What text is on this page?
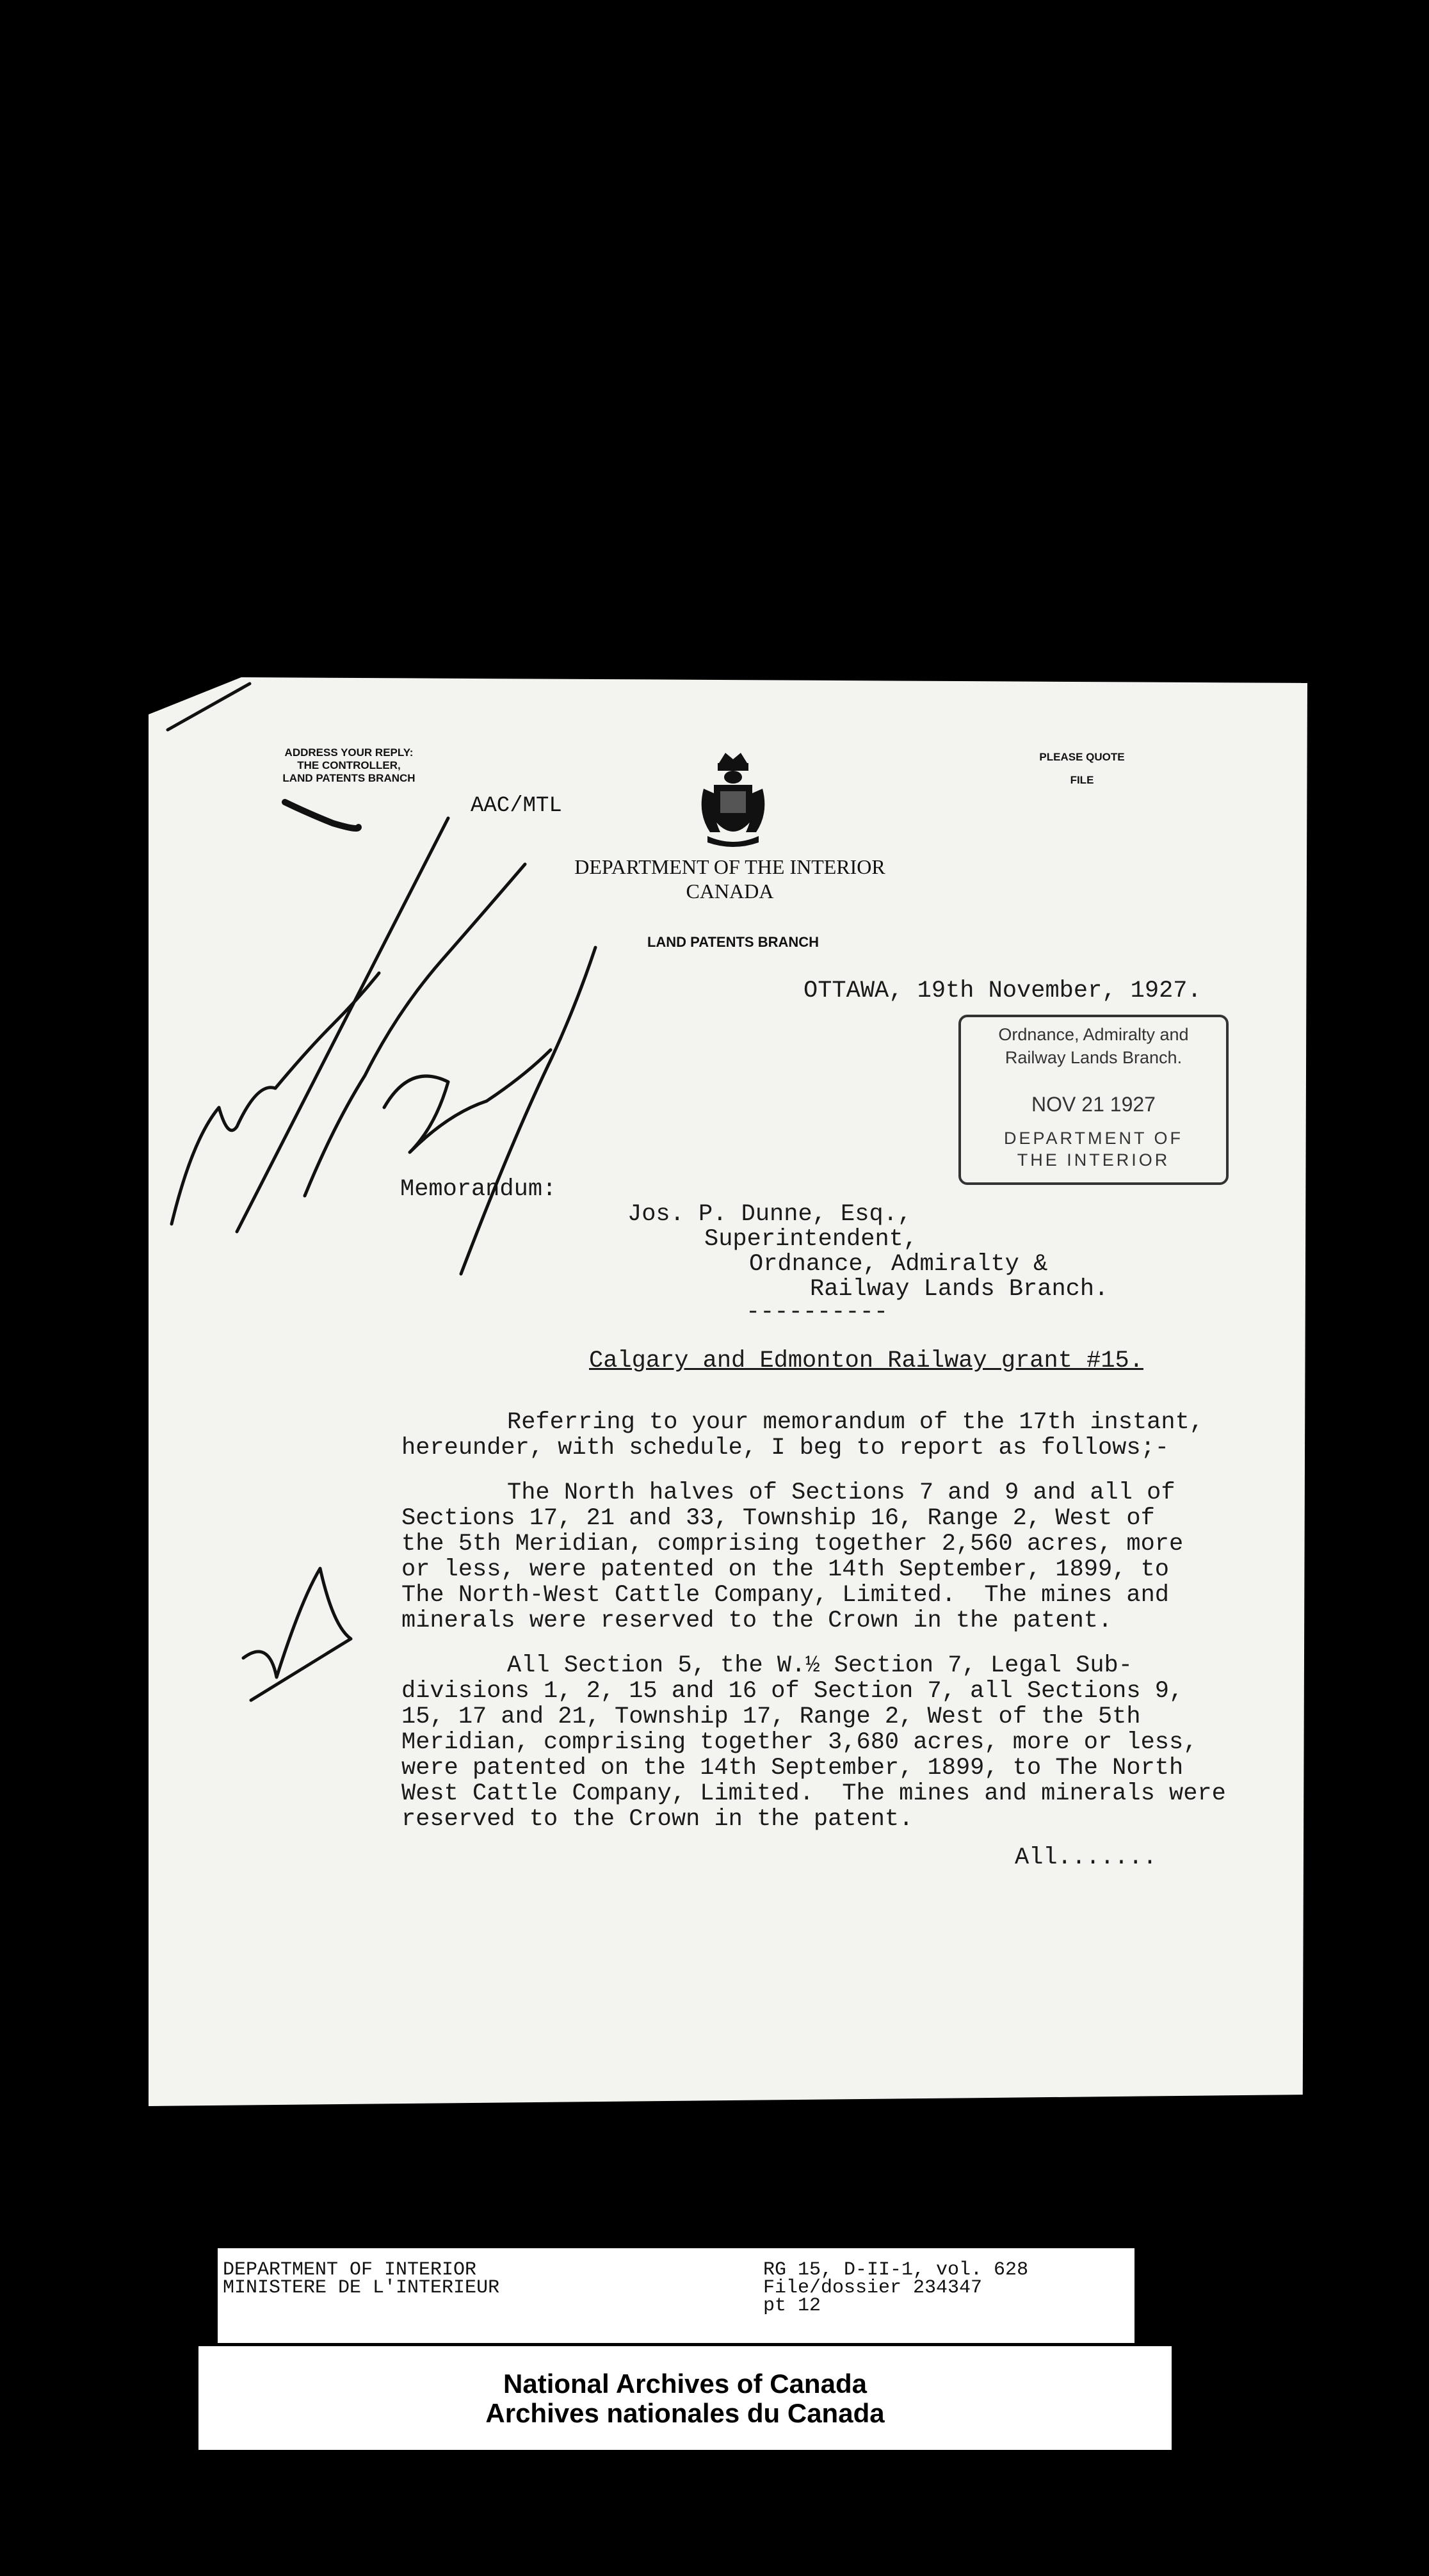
ADDRESS YOUR REPLY:
THE CONTROLLER,
LAND PATENTS BRANCH
PLEASE QUOTE
FILE
AAC/MTL
DEPARTMENT OF THE INTERIOR
CANADA
LAND PATENTS BRANCH
OTTAWA, 19th November, 1927.
Ordnance, Admiralty and
Railway Lands Branch.
NOV 21 1927
DEPARTMENT OF
THE INTERIOR
Memorandum:
Jos. P. Dunne, Esq.,
Superintendent,
Ordnance, Admiralty &
Railway Lands Branch.
----------
Calgary and Edmonton Railway grant #15.
Referring to your memorandum of the 17th instant,
hereunder, with schedule, I beg to report as follows;-
The North halves of Sections 7 and 9 and all of
Sections 17, 21 and 33, Township 16, Range 2, West of
the 5th Meridian, comprising together 2,560 acres, more
or less, were patented on the 14th September, 1899, to
The North-West Cattle Company, Limited.  The mines and
minerals were reserved to the Crown in the patent.
All Section 5, the W.½ Section 7, Legal Sub-
divisions 1, 2, 15 and 16 of Section 7, all Sections 9,
15, 17 and 21, Township 17, Range 2, West of the 5th
Meridian, comprising together 3,680 acres, more or less,
were patented on the 14th September, 1899, to The North
West Cattle Company, Limited.  The mines and minerals were
reserved to the Crown in the patent.
All.......
DEPARTMENT OF INTERIOR
MINISTERE DE L'INTERIEUR
RG 15, D-II-1, vol. 628
File/dossier 234347
pt 12
National Archives of Canada
Archives nationales du Canada
